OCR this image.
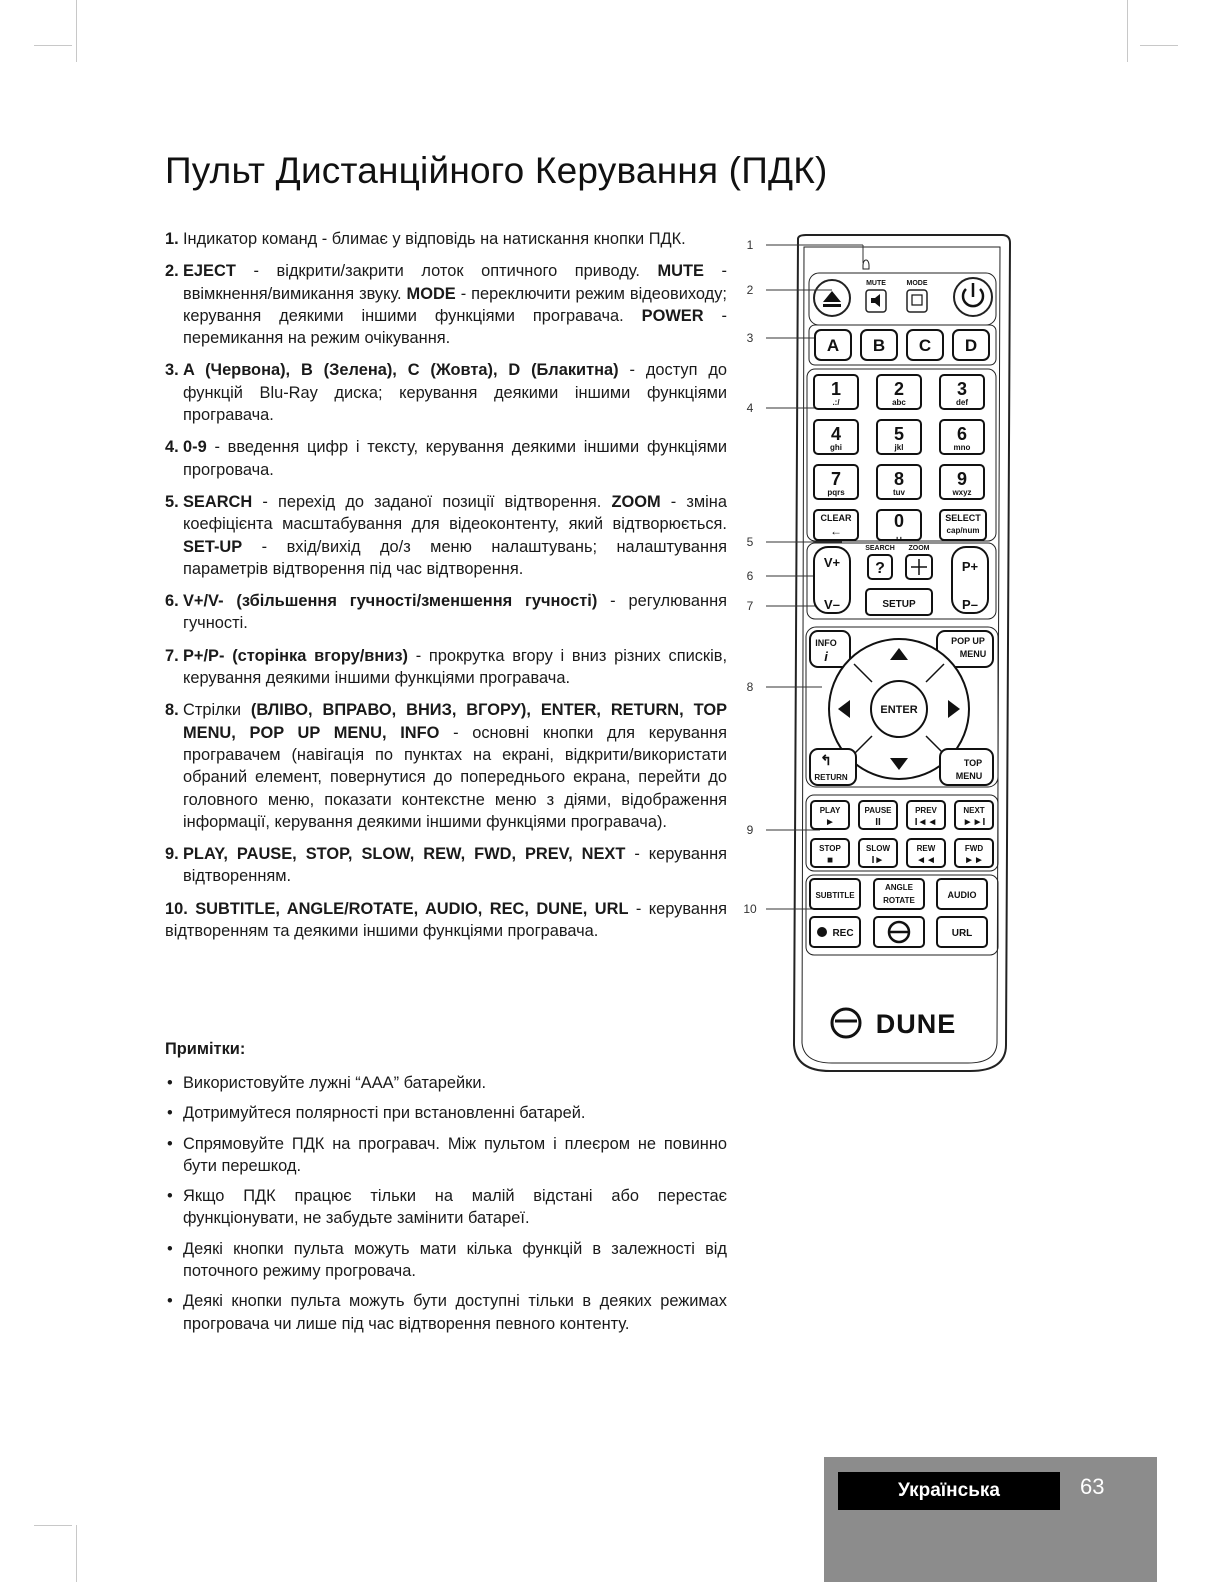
Пульт Дистанційного Керування (ПДК)
1. Індикатор команд - блимає у відповідь на натискання кнопки ПДК.
2. EJECT - відкрити/закрити лоток оптичного приводу. MUTE - ввімкнення/вимикання звуку. MODE - переключити режим відеовиходу; керування деякими іншими функціями програвача. POWER - перемикання на режим очікування.
3. A (Червона), B (Зелена), C (Жовта), D (Блакитна) - доступ до функцій Blu-Ray диска; керування деякими іншими функціями програвача.
4. 0-9 - введення цифр і тексту, керування деякими іншими функціями прогровача.
5. SEARCH - перехід до заданої позиції відтворення. ZOOM - зміна коефіцієнта масштабування для відеоконтенту, який відтворюється. SET-UP - вхід/вихід до/з меню налаштувань; налаштування параметрів відтворення під час відтворення.
6. V+/V- (збільшення гучності/зменшення гучності) - регулювання гучності.
7. P+/P- (сторінка вгору/вниз) - прокрутка вгору і вниз різних списків, керування деякими іншими функціями програвача.
8. Стрілки (ВЛІВО, ВПРАВО, ВНИЗ, ВГОРУ), ENTER, RETURN, TOP MENU, POP UP MENU, INFO - основні кнопки для керування програвачем (навігація по пунктах на екрані, відкрити/використати обраний елемент, повернутися до попереднього екрана, перейти до головного меню, показати контекстне меню з діями, відображення інформації, керування деякими іншими функціями програвача).
9. PLAY, PAUSE, STOP, SLOW, REW, FWD, PREV, NEXT - керування відтворенням.
10. SUBTITLE, ANGLE/ROTATE, AUDIO, REC, DUNE, URL - керування відтворенням та деякими іншими функціями програвача.
Примітки:
• Використовуйте лужні “AAA” батарейки.
• Дотримуйтеся полярності при встановленні батарей.
• Спрямовуйте ПДК на програвач. Між пультом і плеєром не повинно бути перешкод.
• Якщо ПДК працює тільки на малій відстані або перестає функціонувати, не забудьте замінити батареї.
• Деякі кнопки пульта можуть мати кілька функцій в залежності від поточного режиму прогровача.
• Деякі кнопки пульта можуть бути доступні тільки в деяких режимах прогровача чи лише під час відтворення певного контенту.
MUTE	MODE
1
2
3
4
5
6
7
8
9
10
A B C D
1
.:/
2
abc
3
def
4
ghi
5
jkl
6
mno
7
pqrs
8
tuv
9
wxyz
CLEAR
←	0
␣
SELECT
cap/num
SEARCH ZOOM
V+
V–
P+
P–
?
SETUP
INFO
i
POP UP
MENU
ENTER
↰
RETURN
TOP
MENU
PLAY
►
PAUSE
II
PREV
I◄◄
NEXT
►►I
STOP
■
SLOW
I►
REW
◄◄
FWD
►►
SUBTITLE
ANGLE
ROTATE
AUDIO
REC	URL
DUNE
Українська	63
